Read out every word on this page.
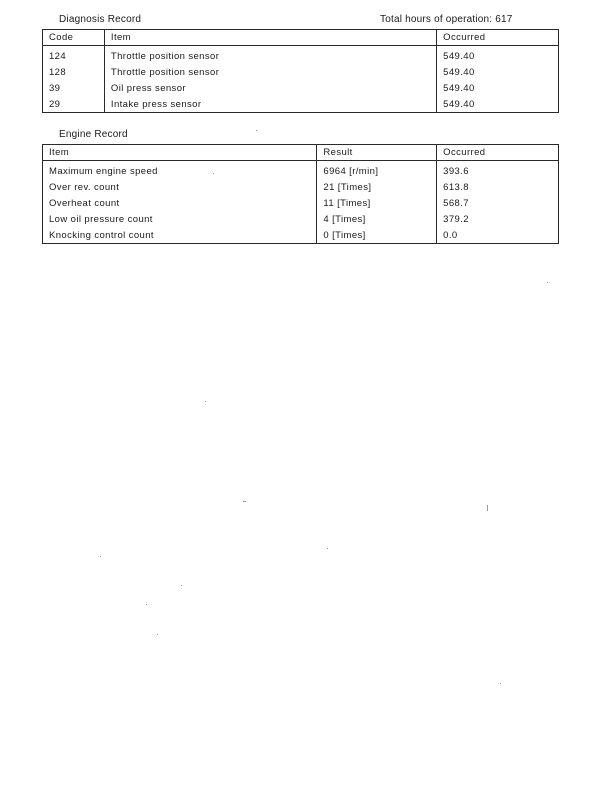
Diagnosis Record	Total hours of operation: 617
Code	Item	Occurred
124	Throttle position sensor	549.40
128	Throttle position sensor	549.40
39	Oil press sensor	549.40
29	Intake press sensor	549.40
Engine Record
Item	Result	Occurred
Maximum engine speed	6964 [r/min]	393.6
Over rev. count	21 [Times]	613.8
Overheat count	11 [Times]	568.7
Low oil pressure count	4 [Times]	379.2
Knocking control count	0 [Times]	0.0
